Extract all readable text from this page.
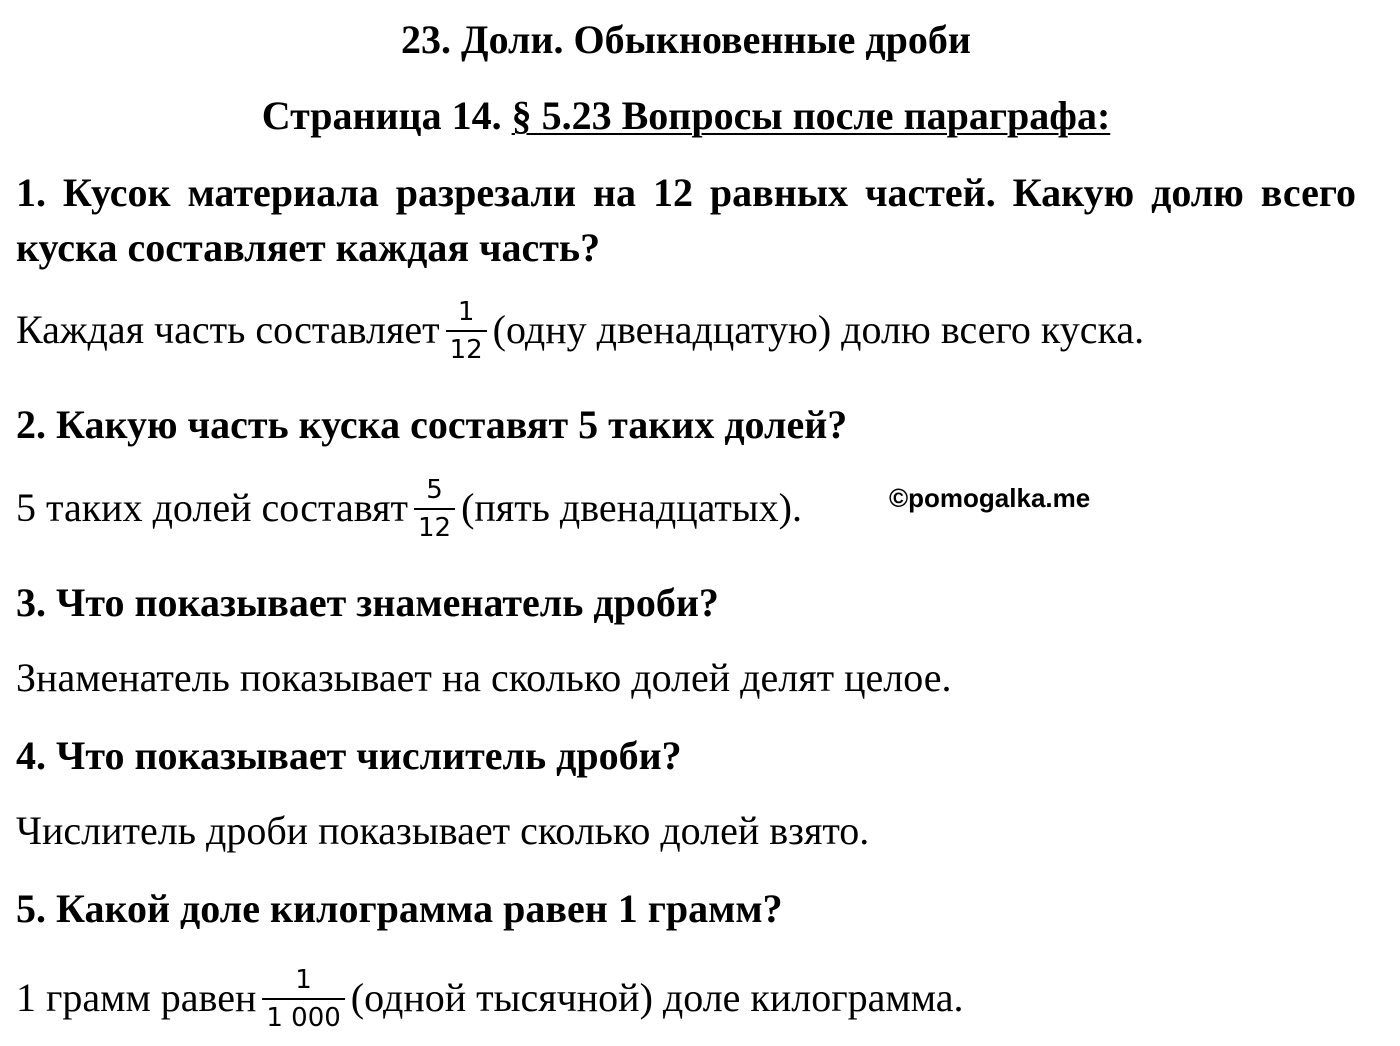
23. Доли. Обыкновенные дроби
Страница 14. § 5.23 Вопросы после параграфа:
1. Кусок материала разрезали на 12 равных частей. Какую долю всего куска составляет каждая часть?
Каждая часть составляет $\frac{1}{12}$ (одну двенадцатую) долю всего куска.
2. Какую часть куска составят 5 таких долей?
5 таких долей составят $\frac{5}{12}$ (пять двенадцатых).	©pomogalka.me
3. Что показывает знаменатель дроби?
Знаменатель показывает на сколько долей делят целое.
4. Что показывает числитель дроби?
Числитель дроби показывает сколько долей взято.
5. Какой доле килограмма равен 1 грамм?
1 грамм равен $\frac{1}{1 000}$ (одной тысячной) доле килограмма.
